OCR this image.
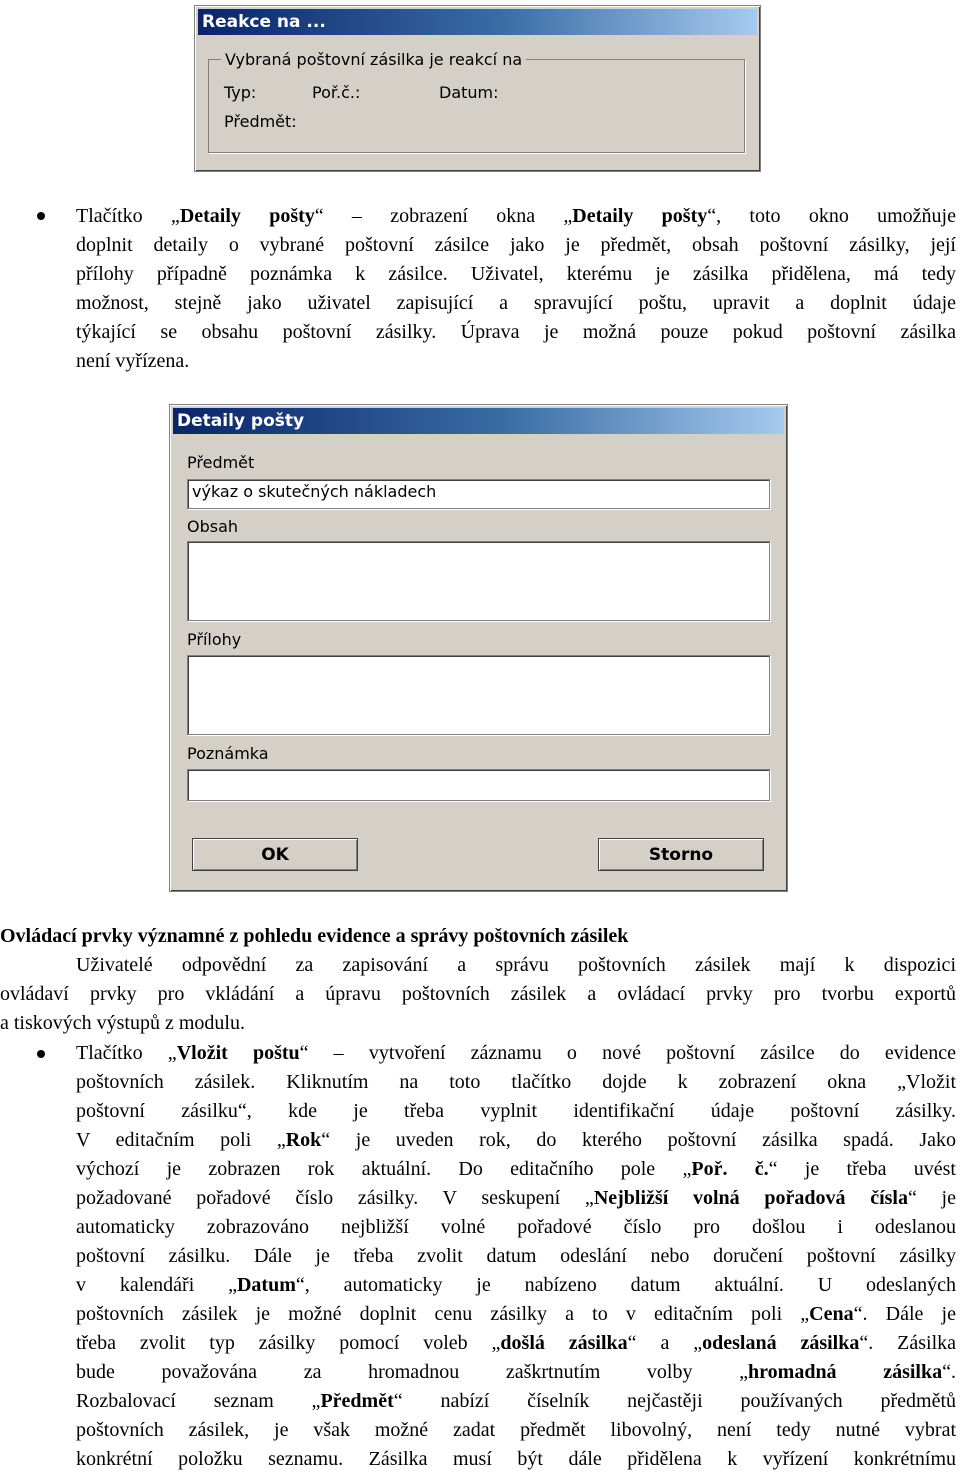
Reakce na ...
Vybraná poštovní zásilka je reakcí na
Typ:	Poř.č.:	Datum:
Předmět:
Tlačítko „Detaily pošty“ – zobrazení okna „Detaily pošty“, toto okno umožňuje
doplnit detaily o vybrané poštovní zásilce jako je předmět, obsah poštovní zásilky, její
přílohy případně poznámka k zásilce. Uživatel, kterému je zásilka přidělena, má tedy
možnost, stejně jako uživatel zapisující a spravující poštu, upravit a doplnit údaje
týkající se obsahu poštovní zásilky. Úprava je možná pouze pokud poštovní zásilka
není vyřízena.
Detaily pošty
Předmět
výkaz o skutečných nákladech
Obsah
Přílohy
Poznámka
OK	Storno
Ovládací prvky významné z pohledu evidence a správy poštovních zásilek
Uživatelé odpovědní za zapisování a správu poštovních zásilek mají k dispozici
ovládaví prvky pro vkládání a úpravu poštovních zásilek a ovládací prvky pro tvorbu exportů
a tiskových výstupů z modulu.
Tlačítko „Vložit poštu“ – vytvoření záznamu o nové poštovní zásilce do evidence
poštovních zásilek. Kliknutím na toto tlačítko dojde k zobrazení okna „Vložit
poštovní zásilku“, kde je třeba vyplnit identifikační údaje poštovní zásilky.
V editačním poli „Rok“ je uveden rok, do kterého poštovní zásilka spadá. Jako
výchozí je zobrazen rok aktuální. Do editačního pole „Poř. č.“ je třeba uvést
požadované pořadové číslo zásilky. V seskupení „Nejbližší volná pořadová čísla“ je
automaticky zobrazováno nejbližší volné pořadové číslo pro došlou i odeslanou
poštovní zásilku. Dále je třeba zvolit datum odeslání nebo doručení poštovní zásilky
v kalendáři „Datum“, automaticky je nabízeno datum aktuální. U odeslaných
poštovních zásilek je možné doplnit cenu zásilky a to v editačním poli „Cena“. Dále je
třeba zvolit typ zásilky pomocí voleb „došlá zásilka“ a „odeslaná zásilka“. Zásilka
bude považována za hromadnou zaškrtnutím volby „hromadná zásilka“.
Rozbalovací seznam „Předmět“ nabízí číselník nejčastěji používaných předmětů
poštovních zásilek, je však možné zadat předmět libovolný, není tedy nutné vybrat
konkrétní položku seznamu. Zásilka musí být dále přidělena k vyřízení konkrétnímu
